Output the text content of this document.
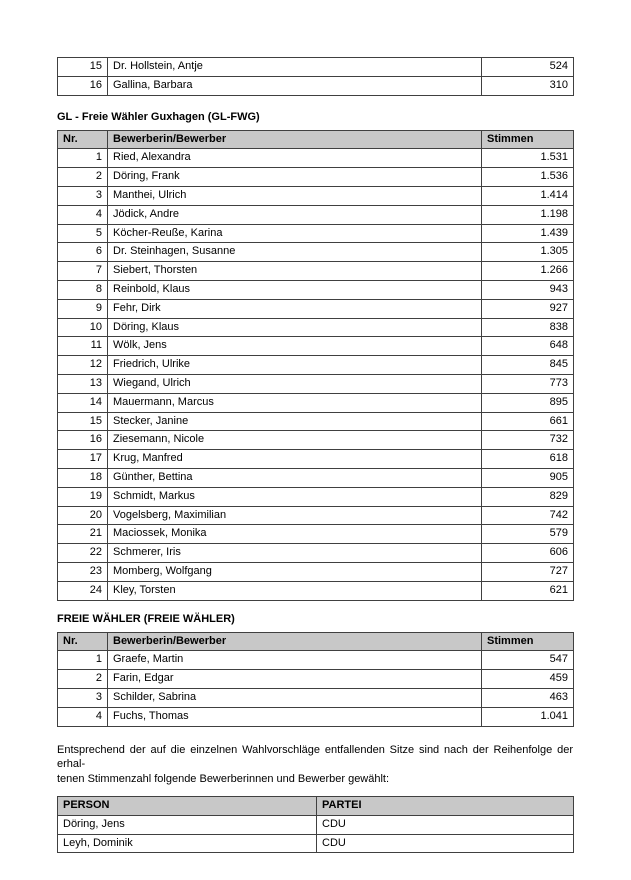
15	Dr. Hollstein, Antje	524
16	Gallina, Barbara	310
GL - Freie Wähler Guxhagen (GL-FWG)
Nr.	Bewerberin/Bewerber	Stimmen
1	Ried, Alexandra	1.531
2	Döring, Frank	1.536
3	Manthei, Ulrich	1.414
4	Jödick, Andre	1.198
5	Köcher-Reuße, Karina	1.439
6	Dr. Steinhagen, Susanne	1.305
7	Siebert, Thorsten	1.266
8	Reinbold, Klaus	943
9	Fehr, Dirk	927
10	Döring, Klaus	838
11	Wölk, Jens	648
12	Friedrich, Ulrike	845
13	Wiegand, Ulrich	773
14	Mauermann, Marcus	895
15	Stecker, Janine	661
16	Ziesemann, Nicole	732
17	Krug, Manfred	618
18	Günther, Bettina	905
19	Schmidt, Markus	829
20	Vogelsberg, Maximilian	742
21	Maciossek, Monika	579
22	Schmerer, Iris	606
23	Momberg, Wolfgang	727
24	Kley, Torsten	621
FREIE WÄHLER (FREIE WÄHLER)
Nr.	Bewerberin/Bewerber	Stimmen
1	Graefe, Martin	547
2	Farin, Edgar	459
3	Schilder, Sabrina	463
4	Fuchs, Thomas	1.041
Entsprechend der auf die einzelnen Wahlvorschläge entfallenden Sitze sind nach der Reihenfolge der erhal-
tenen Stimmenzahl folgende Bewerberinnen und Bewerber gewählt:
PERSON	PARTEI
Döring, Jens	CDU
Leyh, Dominik	CDU
